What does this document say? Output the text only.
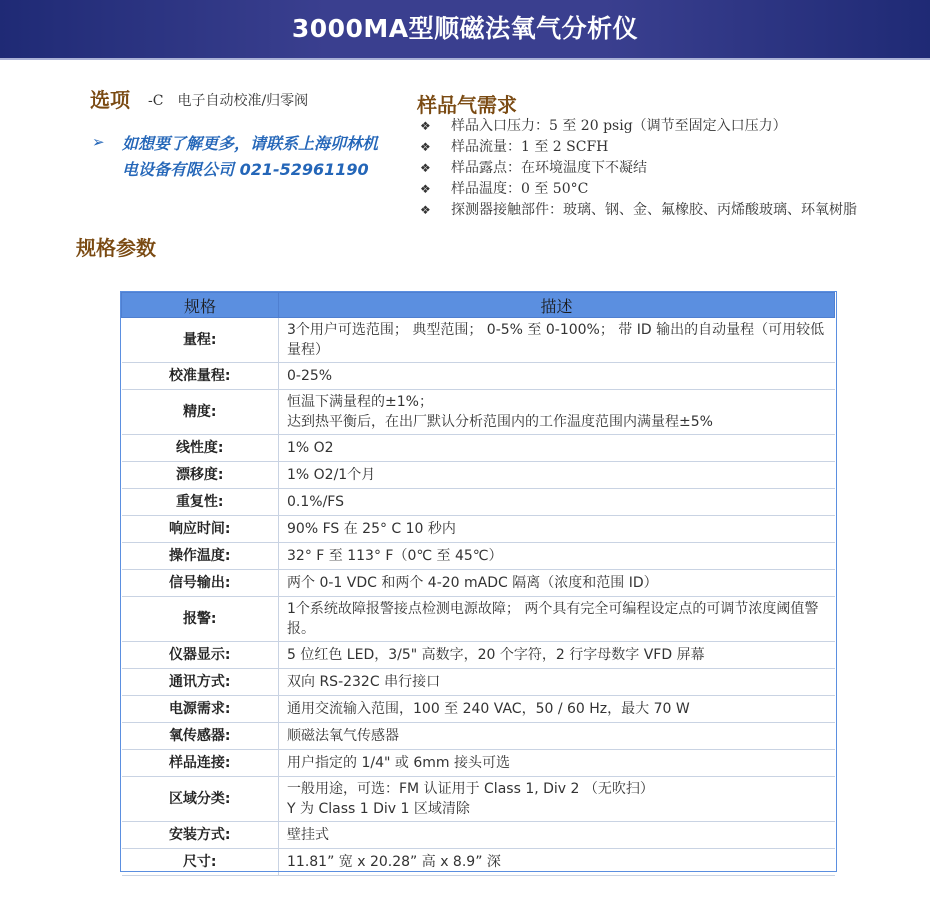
3000MA型顺磁法氧气分析仪
选项 -C　电子自动校准/归零阀
➢ 如想要了解更多，请联系上海卯林机电设备有限公司 021-52961190
规格参数
样品气需求
❖ 样品入口压力：5 至 20 psig（调节至固定入口压力）
❖ 样品流量：1 至 2 SCFH
❖ 样品露点：在环境温度下不凝结
❖ 样品温度：0 至 50°C
❖ 探测器接触部件：玻璃、钢、金、氟橡胶、丙烯酸玻璃、环氧树脂
规格	描述
量程:	3个用户可选范围； 典型范围； 0-5% 至 0-100%； 带 ID 输出的自动量程（可用较低量程）
校准量程:	0-25%
精度:	恒温下满量程的±1%；
达到热平衡后，在出厂默认分析范围内的工作温度范围内满量程±5%
线性度:	1% O2
漂移度:	1% O2/1个月
重复性:	0.1%/FS
响应时间:	90% FS 在 25° C 10 秒内
操作温度:	32° F 至 113° F（0℃ 至 45℃）
信号输出:	两个 0-1 VDC 和两个 4-20 mADC 隔离（浓度和范围 ID）
报警:	1个系统故障报警接点检测电源故障； 两个具有完全可编程设定点的可调节浓度阈值警报。
仪器显示:	5 位红色 LED，3/5" 高数字，20 个字符，2 行字母数字 VFD 屏幕
通讯方式:	双向 RS-232C 串行接口
电源需求:	通用交流输入范围，100 至 240 VAC，50 / 60 Hz，最大 70 W
氧传感器:	顺磁法氧气传感器
样品连接:	用户指定的 1/4" 或 6mm 接头可选
区域分类:	一般用途，可选：FM 认证用于 Class 1, Div 2 （无吹扫）
Y 为 Class 1 Div 1 区域清除
安装方式:	壁挂式
尺寸:	11.81” 宽 x 20.28” 高 x 8.9” 深
